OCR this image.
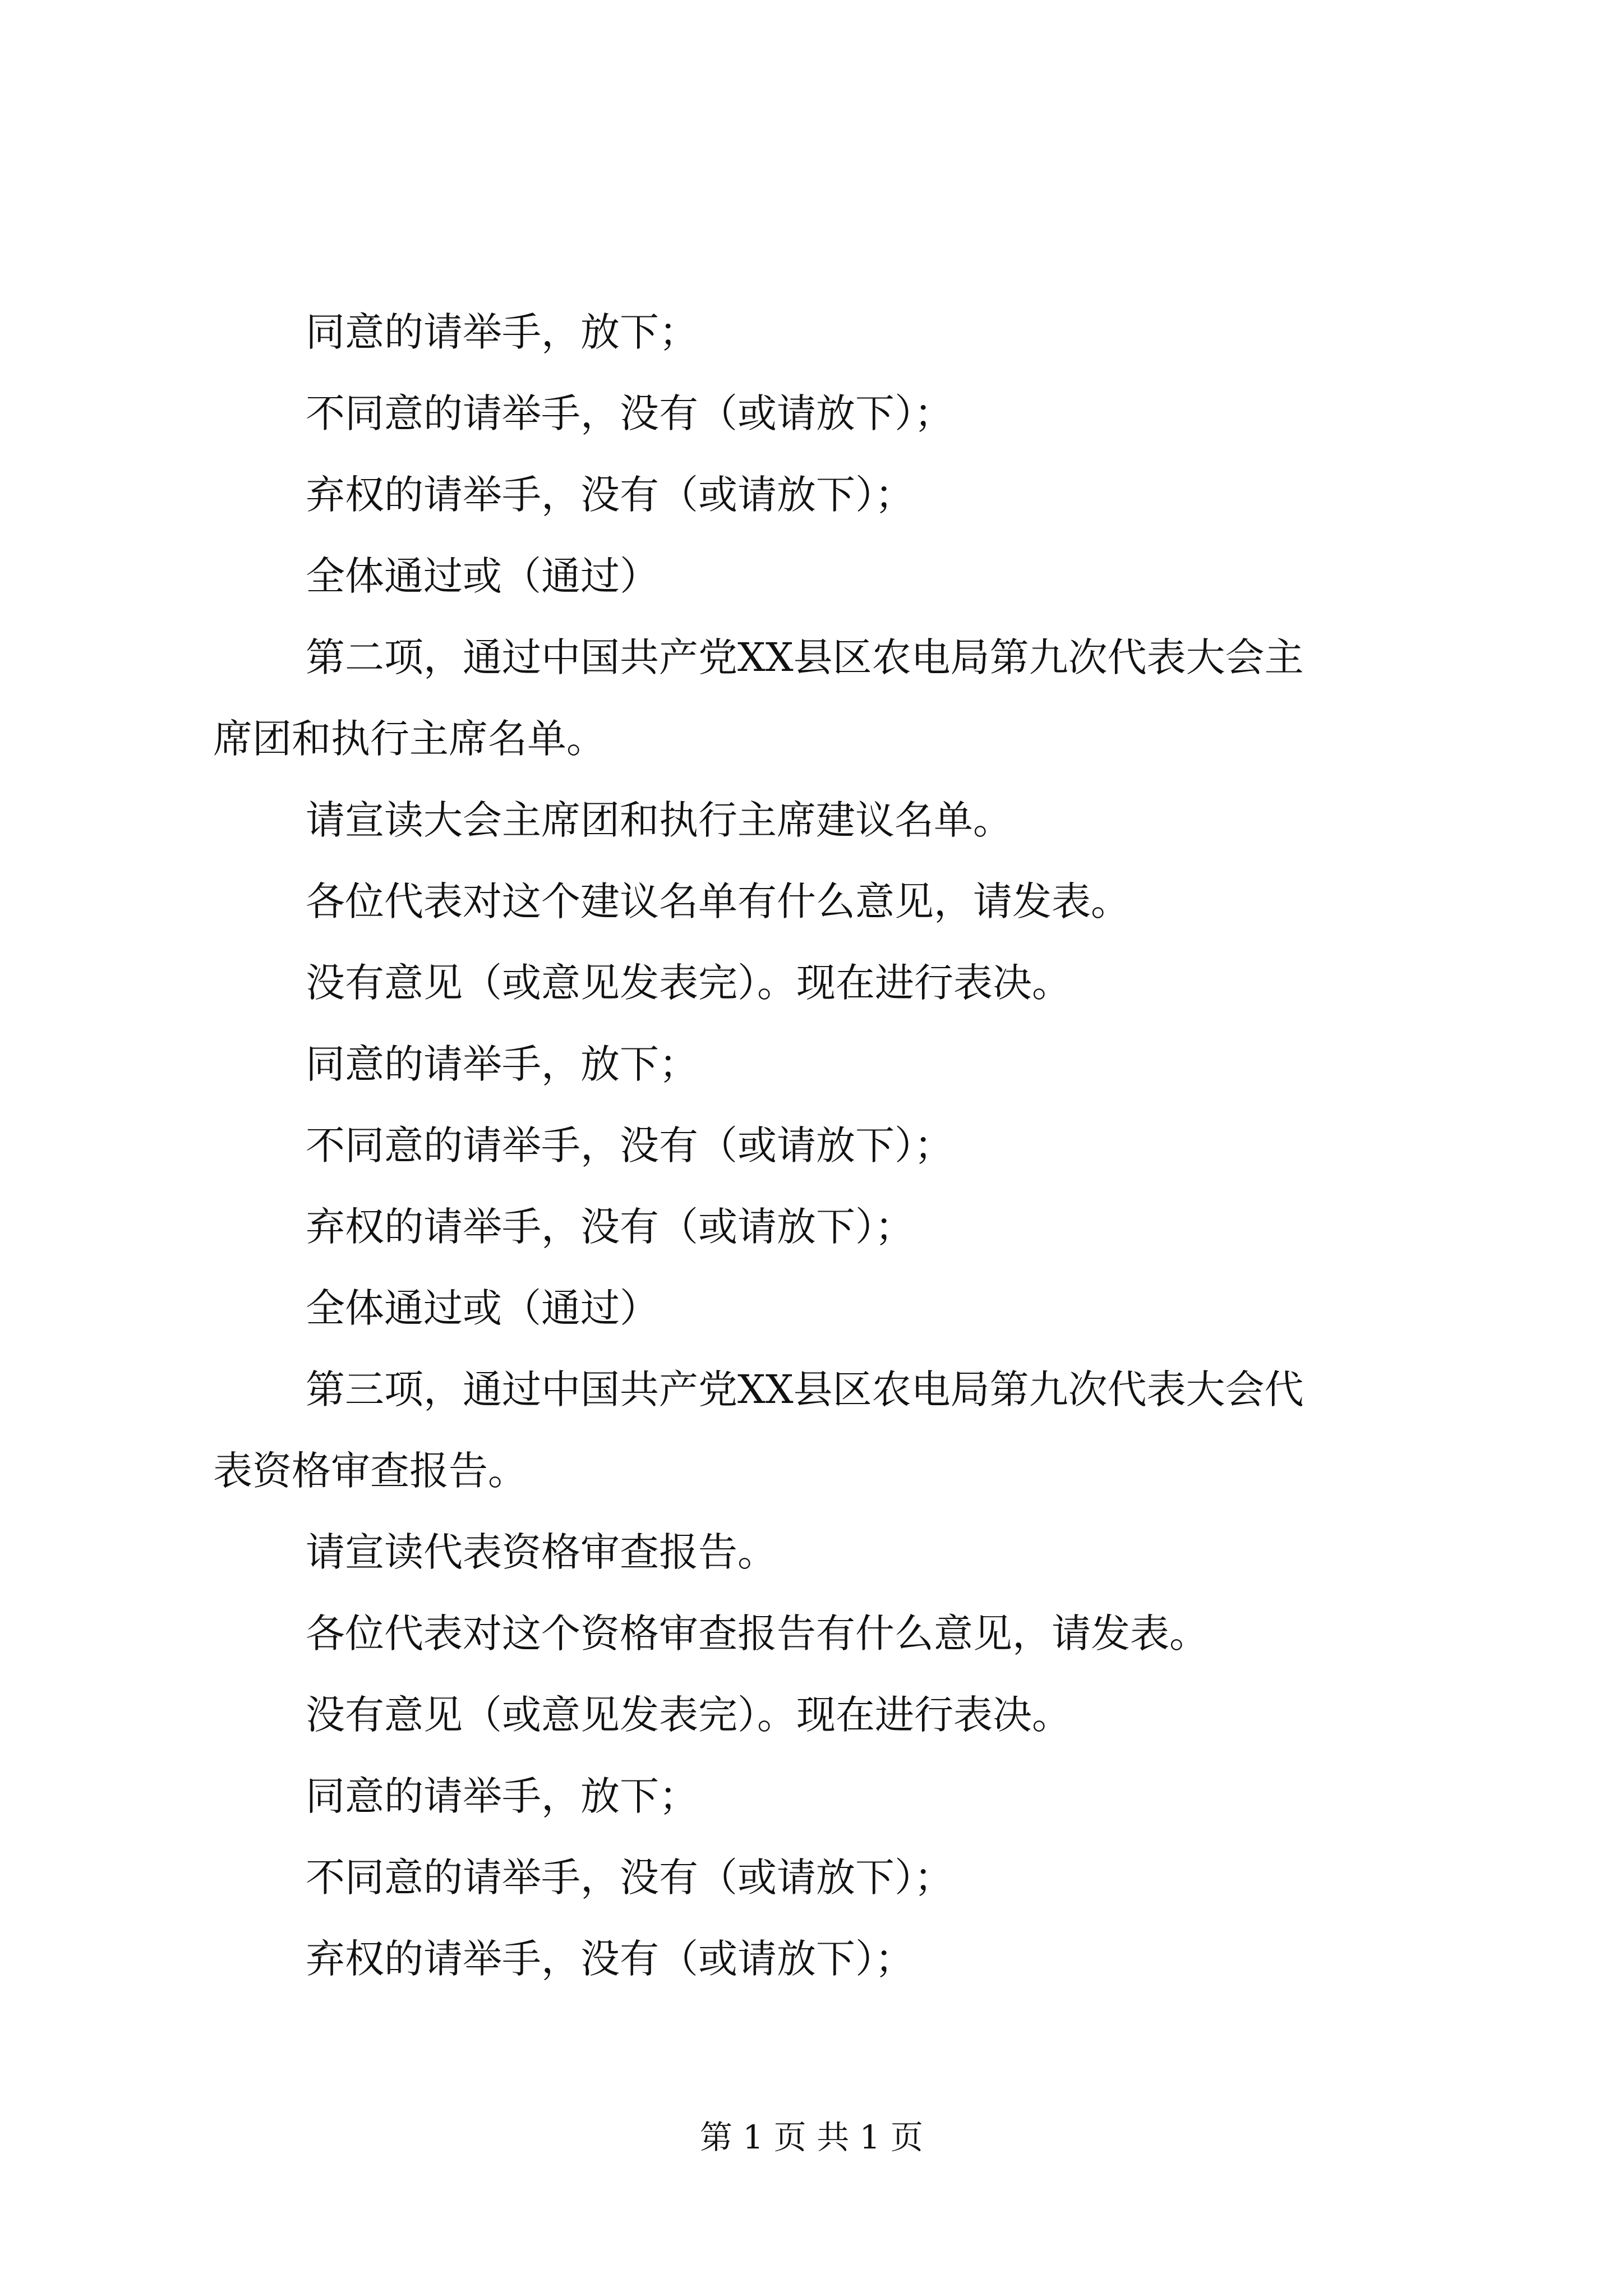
同意的请举手，放下；
不同意的请举手，没有（或请放下）；
弃权的请举手，没有（或请放下）；
全体通过或（通过）
第二项，通过中国共产党XX县区农电局第九次代表大会主
席团和执行主席名单。
请宣读大会主席团和执行主席建议名单。
各位代表对这个建议名单有什么意见，请发表。
没有意见（或意见发表完）。现在进行表决。
同意的请举手，放下；
不同意的请举手，没有（或请放下）；
弃权的请举手，没有（或请放下）；
全体通过或（通过）
第三项，通过中国共产党XX县区农电局第九次代表大会代
表资格审查报告。
请宣读代表资格审查报告。
各位代表对这个资格审查报告有什么意见，请发表。
没有意见（或意见发表完）。现在进行表决。
同意的请举手，放下；
不同意的请举手，没有（或请放下）；
弃权的请举手，没有（或请放下）；
第 1 页 共 1 页
